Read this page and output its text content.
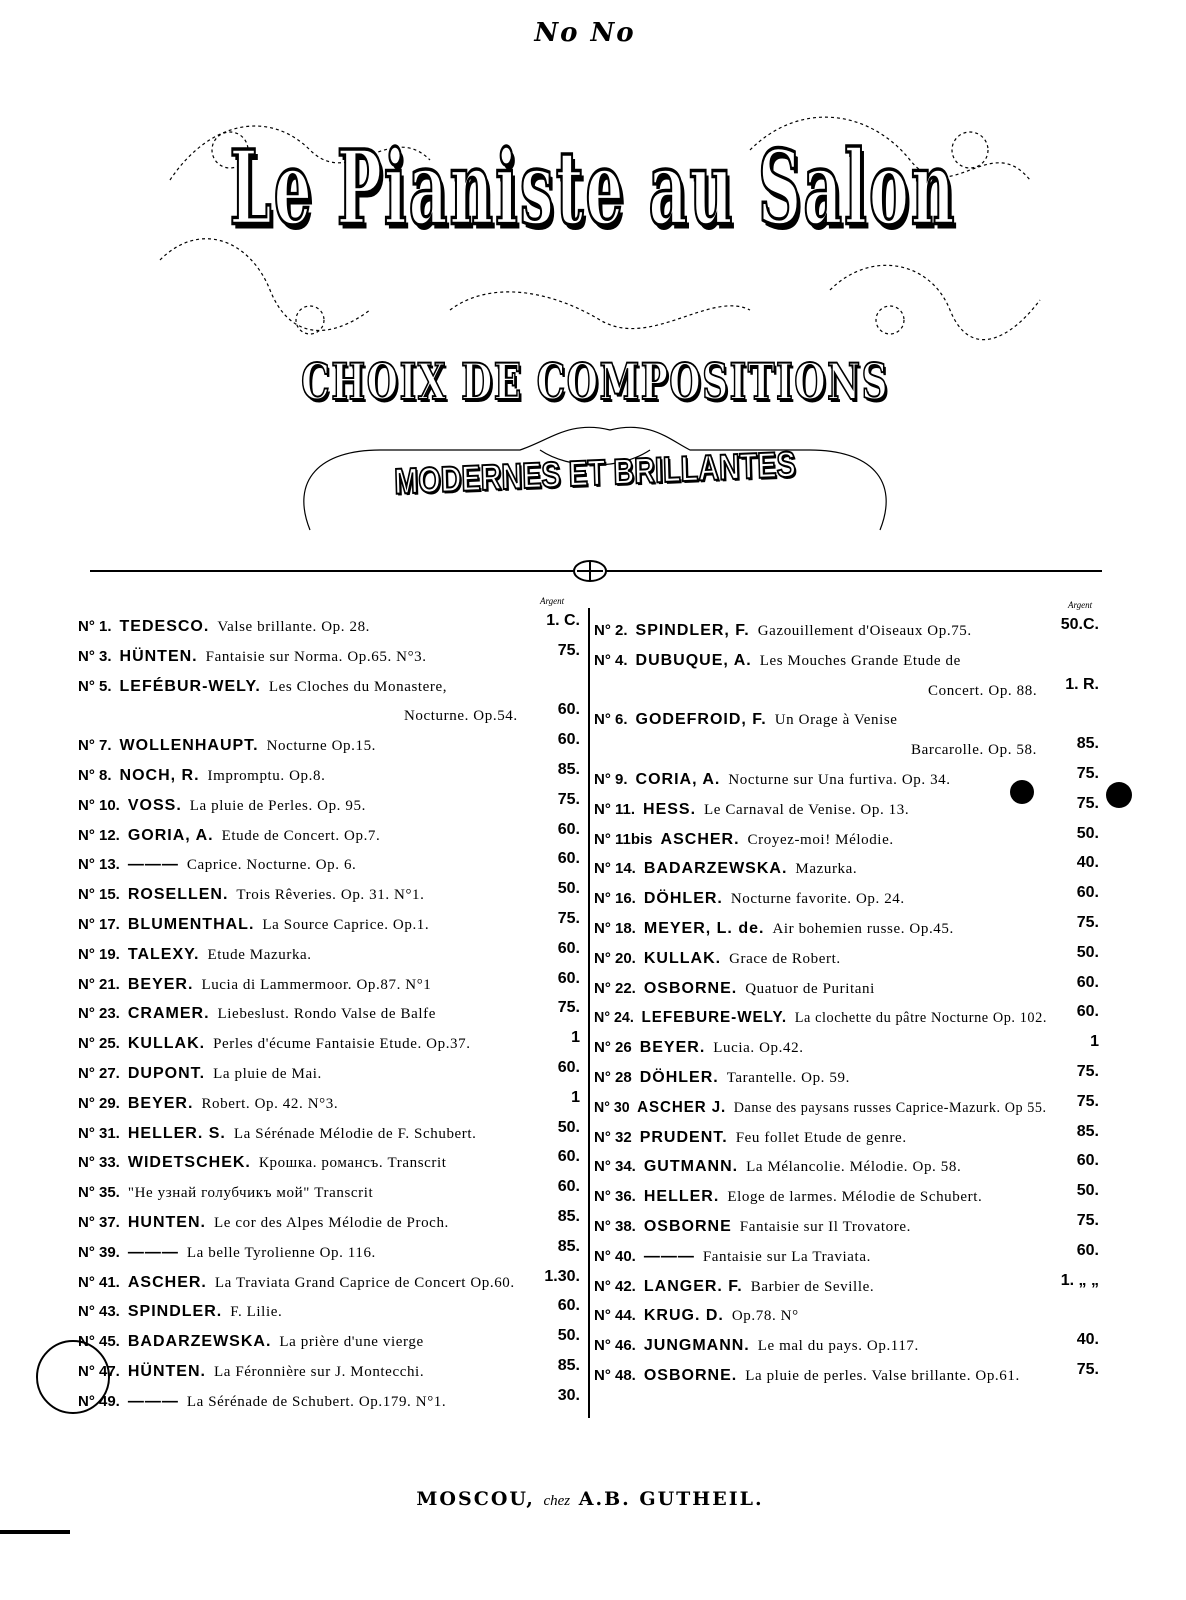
No No
Le Pianiste au Salon
CHOIX DE COMPOSITIONS
MODERNES ET BRILLANTES
Argent	Argent
N° 1. TEDESCO. Valse brillante. Op. 28.	1. C.
N° 3. HÜNTEN. Fantaisie sur Norma. Op.65. N°3.	75.
N° 5. LEFÉBUR-WELY. Les Cloches du Monastere,
Nocturne. Op.54.	60.
N° 7. WOLLENHAUPT. Nocturne Op.15.	60.
N° 8. NOCH, R. Impromptu. Op.8.	85.
N° 10. VOSS. La pluie de Perles. Op. 95.	75.
N° 12. GORIA, A. Etude de Concert. Op.7.	60.
N° 13. ——— Caprice. Nocturne. Op. 6.	60.
N° 15. ROSELLEN. Trois Rêveries. Op. 31. N°1.	50.
N° 17. BLUMENTHAL. La Source Caprice. Op.1.	75.
N° 19. TALEXY. Etude Mazurka.	60.
N° 21. BEYER. Lucia di Lammermoor. Op.87. N°1	60.
N° 23. CRAMER. Liebeslust. Rondo Valse de Balfe	75.
N° 25. KULLAK. Perles d'écume Fantaisie Etude. Op.37.	1
N° 27. DUPONT. La pluie de Mai.	60.
N° 29. BEYER. Robert. Op. 42. N°3.	1
N° 31. HELLER. S. La Sérénade Mélodie de F. Schubert.	50.
N° 33. WIDETSCHEK. Крошка. романсъ. Transcrit	60.
N° 35. "Не узнай голубчикъ мой" Transcrit	60.
N° 37. HUNTEN. Le cor des Alpes Mélodie de Proch.	85.
N° 39. ——— La belle Tyrolienne Op. 116.	85.
N° 41. ASCHER. La Traviata Grand Caprice de Concert Op.60. 1.30.
N° 43. SPINDLER. F. Lilie.	60.
N° 45. BADARZEWSKA. La prière d'une vierge	50.
N° 47. HÜNTEN. La Féronnière sur J. Montecchi.	85.
N° 49. ——— La Sérénade de Schubert. Op.179. N°1.	30.
N° 2. SPINDLER, F. Gazouillement d'Oiseaux Op.75.	50.C.
N° 4. DUBUQUE, A. Les Mouches Grande Etude de
Concert. Op. 88. 1. R.
N° 6. GODEFROID, F. Un Orage à Venise
Barcarolle. Op. 58. 85.
N° 9. CORIA, A. Nocturne sur Una furtiva. Op. 34.	75.
N° 11. HESS. Le Carnaval de Venise. Op. 13.	75.
N° 11bis ASCHER. Croyez-moi! Mélodie.	50.
N° 14. BADARZEWSKA. Mazurka.	40.
N° 16. DÖHLER. Nocturne favorite. Op. 24.	60.
N° 18. MEYER, L. de. Air bohemien russe. Op.45.	75.
N° 20. KULLAK. Grace de Robert.	50.
N° 22. OSBORNE. Quatuor de Puritani	60.
N° 24. LEFEBURE-WELY. La clochette du pâtre Nocturne Op. 102. 60.
N° 26 BEYER. Lucia. Op.42.	1
N° 28 DÖHLER. Tarantelle. Op. 59.	75.
N° 30 ASCHER J. Danse des paysans russes Caprice-Mazurk. Op 55. 75.
N° 32 PRUDENT. Feu follet Etude de genre.	85.
N° 34. GUTMANN. La Mélancolie. Mélodie. Op. 58.	60.
N° 36. HELLER. Eloge de larmes. Mélodie de Schubert.	50.
N° 38. OSBORNE Fantaisie sur Il Trovatore.	75.
N° 40. ——— Fantaisie sur La Traviata.	60.
N° 42. LANGER. F. Barbier de Seville.	1. „ „
N° 44. KRUG. D. Op.78. N°
N° 46. JUNGMANN. Le mal du pays. Op.117.	40.
N° 48. OSBORNE. La pluie de perles. Valse brillante. Op.61.	75.
MOSCOU, chez A.B. GUTHEIL.
